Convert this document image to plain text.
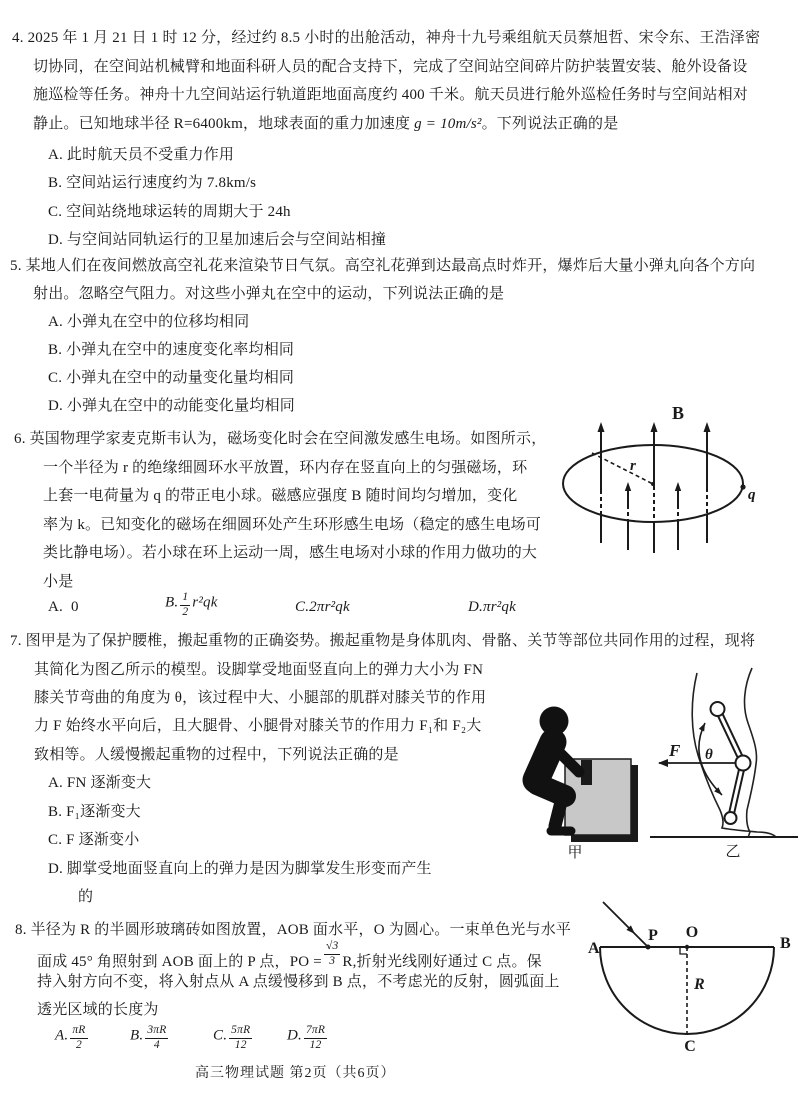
4. 2025 年 1 月 21 日 1 时 12 分，经过约 8.5 小时的出舱活动，神舟十九号乘组航天员蔡旭哲、宋令东、王浩泽密
切协同，在空间站机械臂和地面科研人员的配合支持下，完成了空间站空间碎片防护装置安装、舱外设备设
施巡检等任务。神舟十九空间站运行轨道距地面高度约 400 千米。航天员进行舱外巡检任务时与空间站相对
静止。已知地球半径 R=6400km，地球表面的重力加速度 g = 10m/s²。下列说法正确的是
A. 此时航天员不受重力作用
B. 空间站运行速度约为 7.8km/s
C. 空间站绕地球运转的周期大于 24h
D. 与空间站同轨运行的卫星加速后会与空间站相撞
5. 某地人们在夜间燃放高空礼花来渲染节日气氛。高空礼花弹到达最高点时炸开，爆炸后大量小弹丸向各个方向
射出。忽略空气阻力。对这些小弹丸在空中的运动，下列说法正确的是
A. 小弹丸在空中的位移均相同
B. 小弹丸在空中的速度变化率均相同
C. 小弹丸在空中的动量变化量均相同
D. 小弹丸在空中的动能变化量均相同
6. 英国物理学家麦克斯韦认为，磁场变化时会在空间激发感生电场。如图所示，
一个半径为 r 的绝缘细圆环水平放置，环内存在竖直向上的匀强磁场，环
上套一电荷量为 q 的带正电小球。磁感应强度 B 随时间均匀增加，变化
率为 k。已知变化的磁场在细圆环处产生环形感生电场（稳定的感生电场可
类比静电场）。若小球在环上运动一周，感生电场对小球的作用力做功的大
小是
A. 0	B. $\frac{1}{2} r^2qk$	C.2πr²qk	D.πr²qk
B
q
r
7. 图甲是为了保护腰椎，搬起重物的正确姿势。搬起重物是身体肌肉、骨骼、关节等部位共同作用的过程，现将
其简化为图乙所示的模型。设脚掌受地面竖直向上的弹力大小为 FN
膝关节弯曲的角度为 θ，该过程中大、小腿部的肌群对膝关节的作用
力 F 始终水平向后，且大腿骨、小腿骨对膝关节的作用力 F₁和 F₂大
致相等。人缓慢搬起重物的过程中，下列说法正确的是
A. FN 逐渐变大
B. F₁逐渐变大
C. F 逐渐变小
D. 脚掌受地面竖直向上的弹力是因为脚掌发生形变而产生
的
甲
F θ
乙
8. 半径为 R 的半圆形玻璃砖如图放置，AOB 面水平，O 为圆心。一束单色光与水平
面成 45° 角照射到 AOB 面上的 P 点，PO = $\frac{√3}{3} R$,折射光线刚好通过 C 点。保
持入射方向不变，将入射点从 A 点缓慢移到 B 点，不考虑光的反射，圆弧面上
透光区域的长度为
A. $\frac{\pi R}{2}$	B. $\frac{3\pi R}{4}$	C. $\frac{5\pi R}{12} D$. $\frac{7\pi R}{12}$
A
P O
B
R
C
高三物理试题 第2页（共6页）
